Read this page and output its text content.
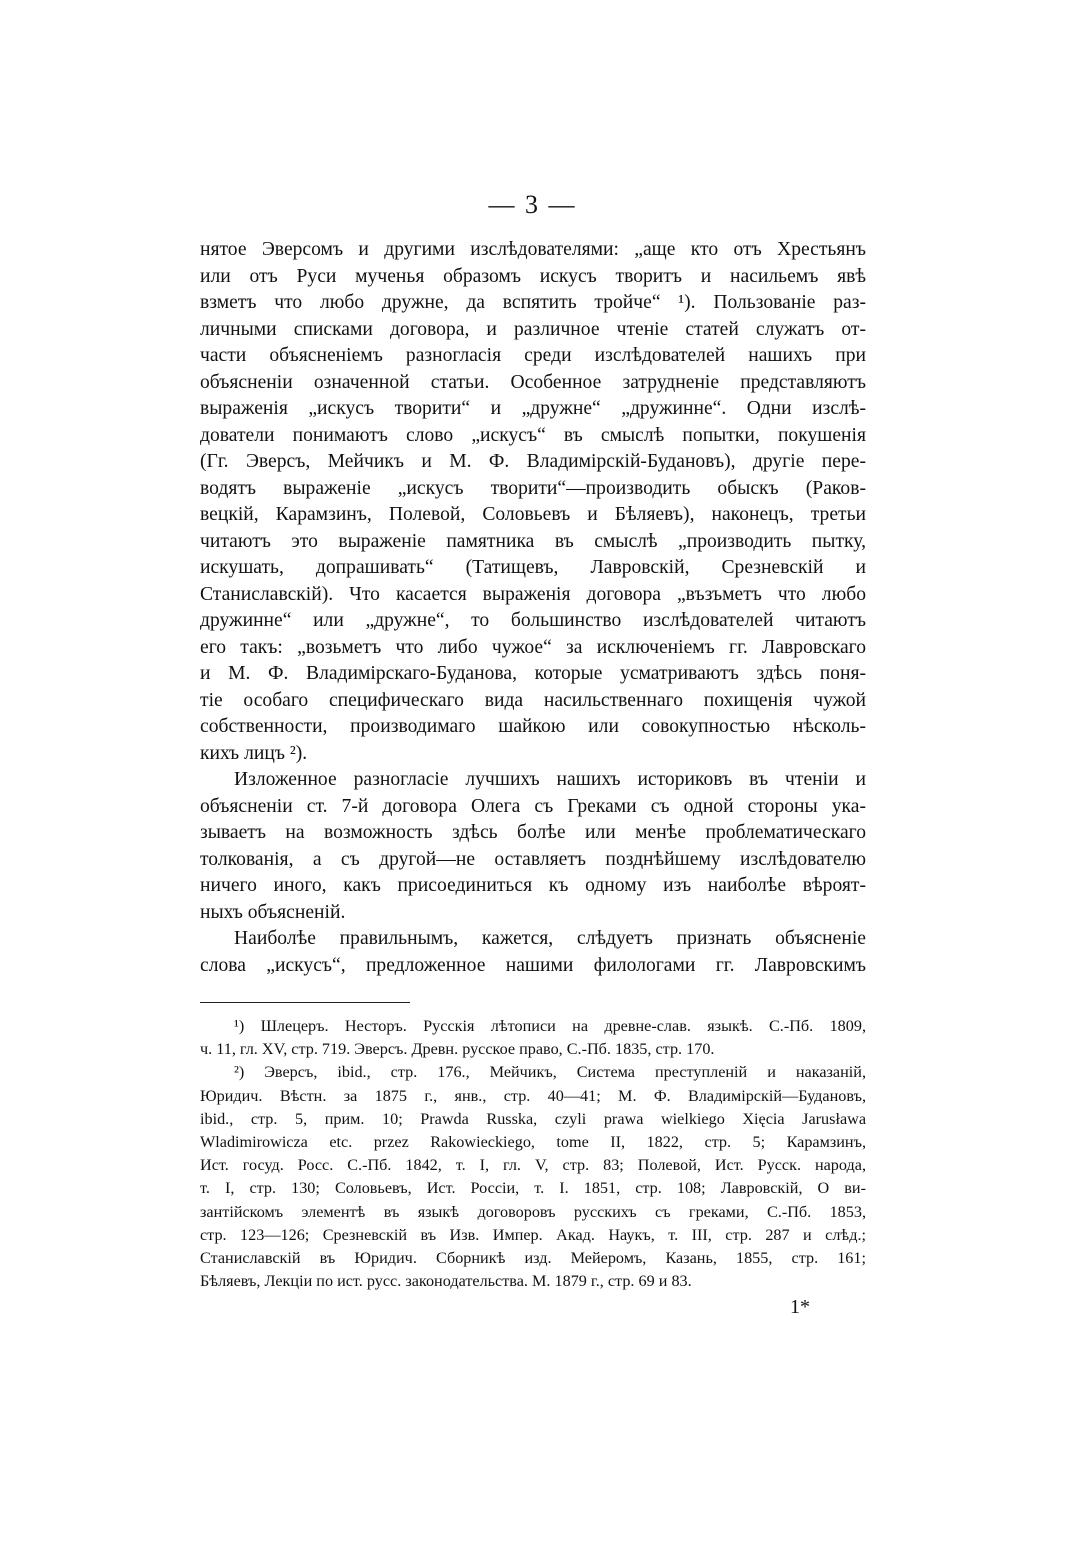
— 3 —
нятое Эверсомъ и другими изслѣдователями: „аще кто отъ Хрестьянъ
или отъ Руси мученья образомъ искусъ творитъ и насильемъ явѣ
взметъ что любо дружне, да вспятить тройче“ ¹). Пользованіе раз-
личными списками договора, и различное чтеніе статей служатъ от-
части объясненіемъ разногласія среди изслѣдователей нашихъ при
объясненіи означенной статьи. Особенное затрудненіе представляютъ
выраженія „искусъ творити“ и „дружне“ „дружинне“. Одни изслѣ-
дователи понимаютъ слово „искусъ“ въ смыслѣ попытки, покушенія
(Гг. Эверсъ, Мейчикъ и М. Ф. Владимірскій-Будановъ), другіе пере-
водятъ выраженіе „искусъ творити“—производить обыскъ (Раков-
вецкій, Карамзинъ, Полевой, Соловьевъ и Бѣляевъ), наконецъ, третьи
читаютъ это выраженіе памятника въ смыслѣ „производить пытку,
искушать, допрашивать“ (Татищевъ, Лавровскій, Срезневскій и
Станиславскій). Что касается выраженія договора „възъметъ что любо
дружинне“ или „дружне“, то большинство изслѣдователей читаютъ
его такъ: „возьметъ что либо чужое“ за исключеніемъ гг. Лавровскаго
и М. Ф. Владимірскаго-Буданова, которые усматриваютъ здѣсь поня-
тіе особаго специфическаго вида насильственнаго похищенія чужой
собственности, производимаго шайкою или совокупностью нѣсколь-
кихъ лицъ ²).
Изложенное разногласіе лучшихъ нашихъ историковъ въ чтеніи и
объясненіи ст. 7-й договора Олега съ Греками съ одной стороны ука-
зываетъ на возможность здѣсь болѣе или менѣе проблематическаго
толкованія, а съ другой—не оставляетъ позднѣйшему изслѣдователю
ничего иного, какъ присоединиться къ одному изъ наиболѣе вѣроят-
ныхъ объясненій.
Наиболѣе правильнымъ, кажется, слѣдуетъ признать объясненіе
слова „искусъ“, предложенное нашими филологами гг. Лавровскимъ
¹) Шлецеръ. Несторъ. Русскія лѣтописи на древне-слав. языкѣ. С.-Пб. 1809,
ч. 11, гл. XV, стр. 719. Эверсъ. Древн. русское право, С.-Пб. 1835, стр. 170.
²) Эверсъ, ibid., стр. 176., Мейчикъ, Система преступленій и наказаній,
Юридич. Вѣстн. за 1875 г., янв., стр. 40—41; М. Ф. Владимірскій—Будановъ,
ibid., стр. 5, прим. 10; Prawda Russka, czyli prawa wielkiego Xięcia Jarusława
Wladimirowicza etc. przez Rakowieckiego, tome II, 1822, стр. 5; Карамзинъ,
Ист. госуд. Росс. С.-Пб. 1842, т. I, гл. V, стр. 83; Полевой, Ист. Русск. народа,
т. I, стр. 130; Соловьевъ, Ист. Россіи, т. I. 1851, стр. 108; Лавровскій, О ви-
зантійскомъ элементѣ въ языкѣ договоровъ русскихъ съ греками, С.-Пб. 1853,
стр. 123—126; Срезневскій въ Изв. Импер. Акад. Наукъ, т. III, стр. 287 и слѣд.;
Станиславскій въ Юридич. Сборникѣ изд. Мейеромъ, Казань, 1855, стр. 161;
Бѣляевъ, Лекціи по ист. русс. законодательства. М. 1879 г., стр. 69 и 83.
1*
